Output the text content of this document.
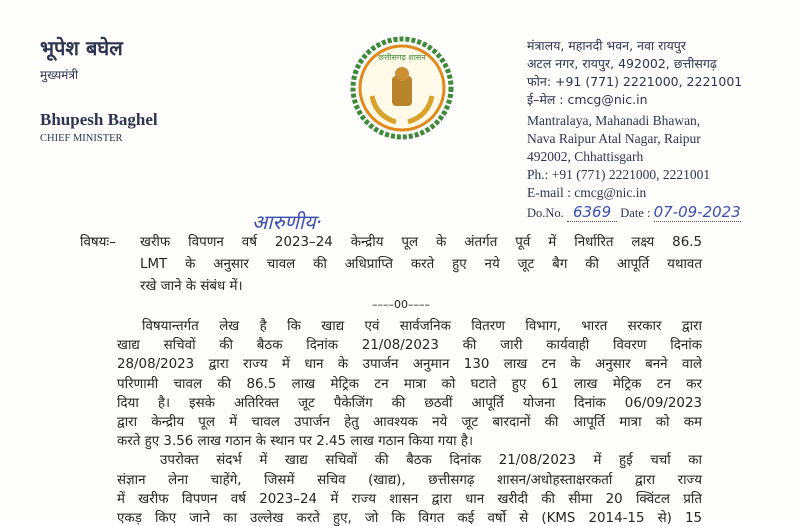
भूपेश बघेल
मुख्यमंत्री
Bhupesh Baghel
CHIEF MINISTER
छत्तीसगढ़ शासन
मंत्रालय, महानदी भवन, नवा रायपुर
अटल नगर, रायपुर, 492002, छत्तीसगढ़
फोन: +91 (771) 2221000, 2221001
ई–मेल : cmcg@nic.in
Mantralaya, Mahanadi Bhawan,
Nava Raipur Atal Nagar, Raipur
492002, Chhattisgarh
Ph.: +91 (771) 2221000, 2221001
E-mail : cmcg@nic.in
Do.No. 6369 Date : 07-09-2023
आरुणीय·
विषयः– खरीफ विपणन वर्ष 2023–24 केन्द्रीय पूल के अंतर्गत पूर्व में निर्धारित लक्ष्य 86.5
LMT के अनुसार चावल की अधिप्राप्ति करते हुए नये जूट बैग की आपूर्ति यथावत
रखे जाने के संबंध में।
––––00––––
विषयान्तर्गत लेख है कि खाद्य एवं सार्वजनिक वितरण विभाग, भारत सरकार द्वारा
खाद्य सचिवों की बैठक दिनांक 21/08/2023 की जारी कार्यवाही विवरण दिनांक
28/08/2023 द्वारा राज्य में धान के उपार्जन अनुमान 130 लाख टन के अनुसार बनने वाले
परिणामी चावल की 86.5 लाख मेट्रिक टन मात्रा को घटाते हुए 61 लाख मेट्रिक टन कर
दिया है। इसके अतिरिक्त जूट पैकेजिंग की छठवीं आपूर्ति योजना दिनांक 06/09/2023
द्वारा केन्द्रीय पूल में चावल उपार्जन हेतु आवश्यक नये जूट बारदानों की आपूर्ति मात्रा को कम
करते हुए 3.56 लाख गठान के स्थान पर 2.45 लाख गठान किया गया है।
उपरोक्त संदर्भ में खाद्य सचिवों की बैठक दिनांक 21/08/2023 में हुई चर्चा का
संज्ञान लेना चाहेंगे, जिसमें सचिव (खाद्य), छत्तीसगढ़ शासन/अधोहस्ताक्षरकर्ता द्वारा राज्य
में खरीफ विपणन वर्ष 2023–24 में राज्य शासन द्वारा धान खरीदी की सीमा 20 क्विंटल प्रति
एकड़ किए जाने का उल्लेख करते हुए, जो कि विगत कई वर्षो से (KMS 2014-15 से) 15
